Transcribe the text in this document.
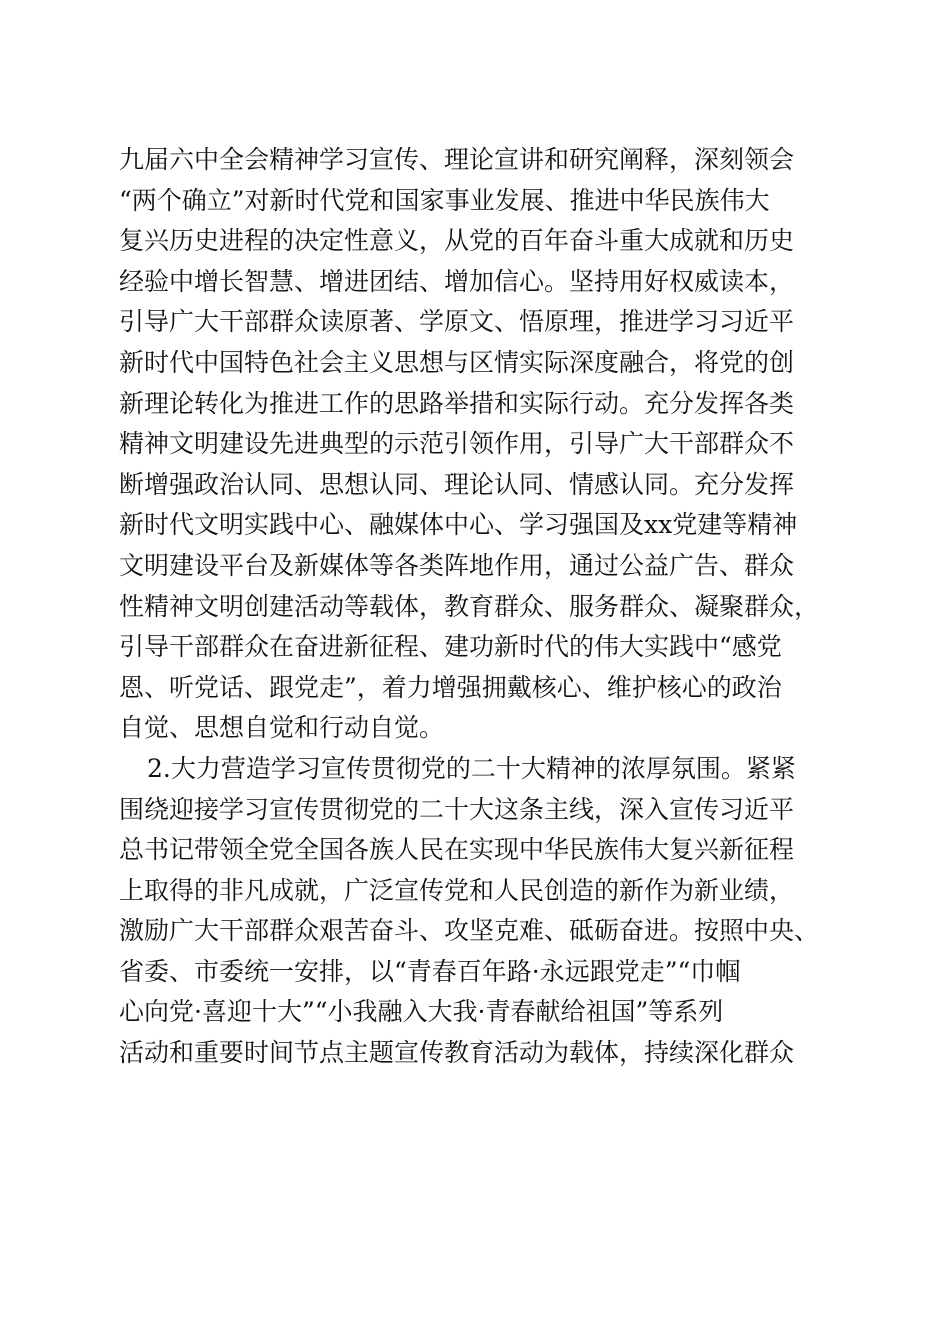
九届六中全会精神学习宣传、理论宣讲和研究阐释，深刻领会
“两个确立”对新时代党和国家事业发展、推进中华民族伟大
复兴历史进程的决定性意义，从党的百年奋斗重大成就和历史
经验中增长智慧、增进团结、增加信心。坚持用好权威读本，
引导广大干部群众读原著、学原文、悟原理，推进学习习近平
新时代中国特色社会主义思想与区情实际深度融合，将党的创
新理论转化为推进工作的思路举措和实际行动。充分发挥各类
精神文明建设先进典型的示范引领作用，引导广大干部群众不
断增强政治认同、思想认同、理论认同、情感认同。充分发挥
新时代文明实践中心、融媒体中心、学习强国及xx党建等精神
文明建设平台及新媒体等各类阵地作用，通过公益广告、群众
性精神文明创建活动等载体，教育群众、服务群众、凝聚群众，
引导干部群众在奋进新征程、建功新时代的伟大实践中“感党
恩、听党话、跟党走”，着力增强拥戴核心、维护核心的政治
自觉、思想自觉和行动自觉。
2.大力营造学习宣传贯彻党的二十大精神的浓厚氛围。紧紧
围绕迎接学习宣传贯彻党的二十大这条主线，深入宣传习近平
总书记带领全党全国各族人民在实现中华民族伟大复兴新征程
上取得的非凡成就，广泛宣传党和人民创造的新作为新业绩，
激励广大干部群众艰苦奋斗、攻坚克难、砥砺奋进。按照中央、
省委、市委统一安排，以“青春百年路·永远跟党走”“巾帼
心向党·喜迎十大”“小我融入大我·青春献给祖国”等系列
活动和重要时间节点主题宣传教育活动为载体，持续深化群众
